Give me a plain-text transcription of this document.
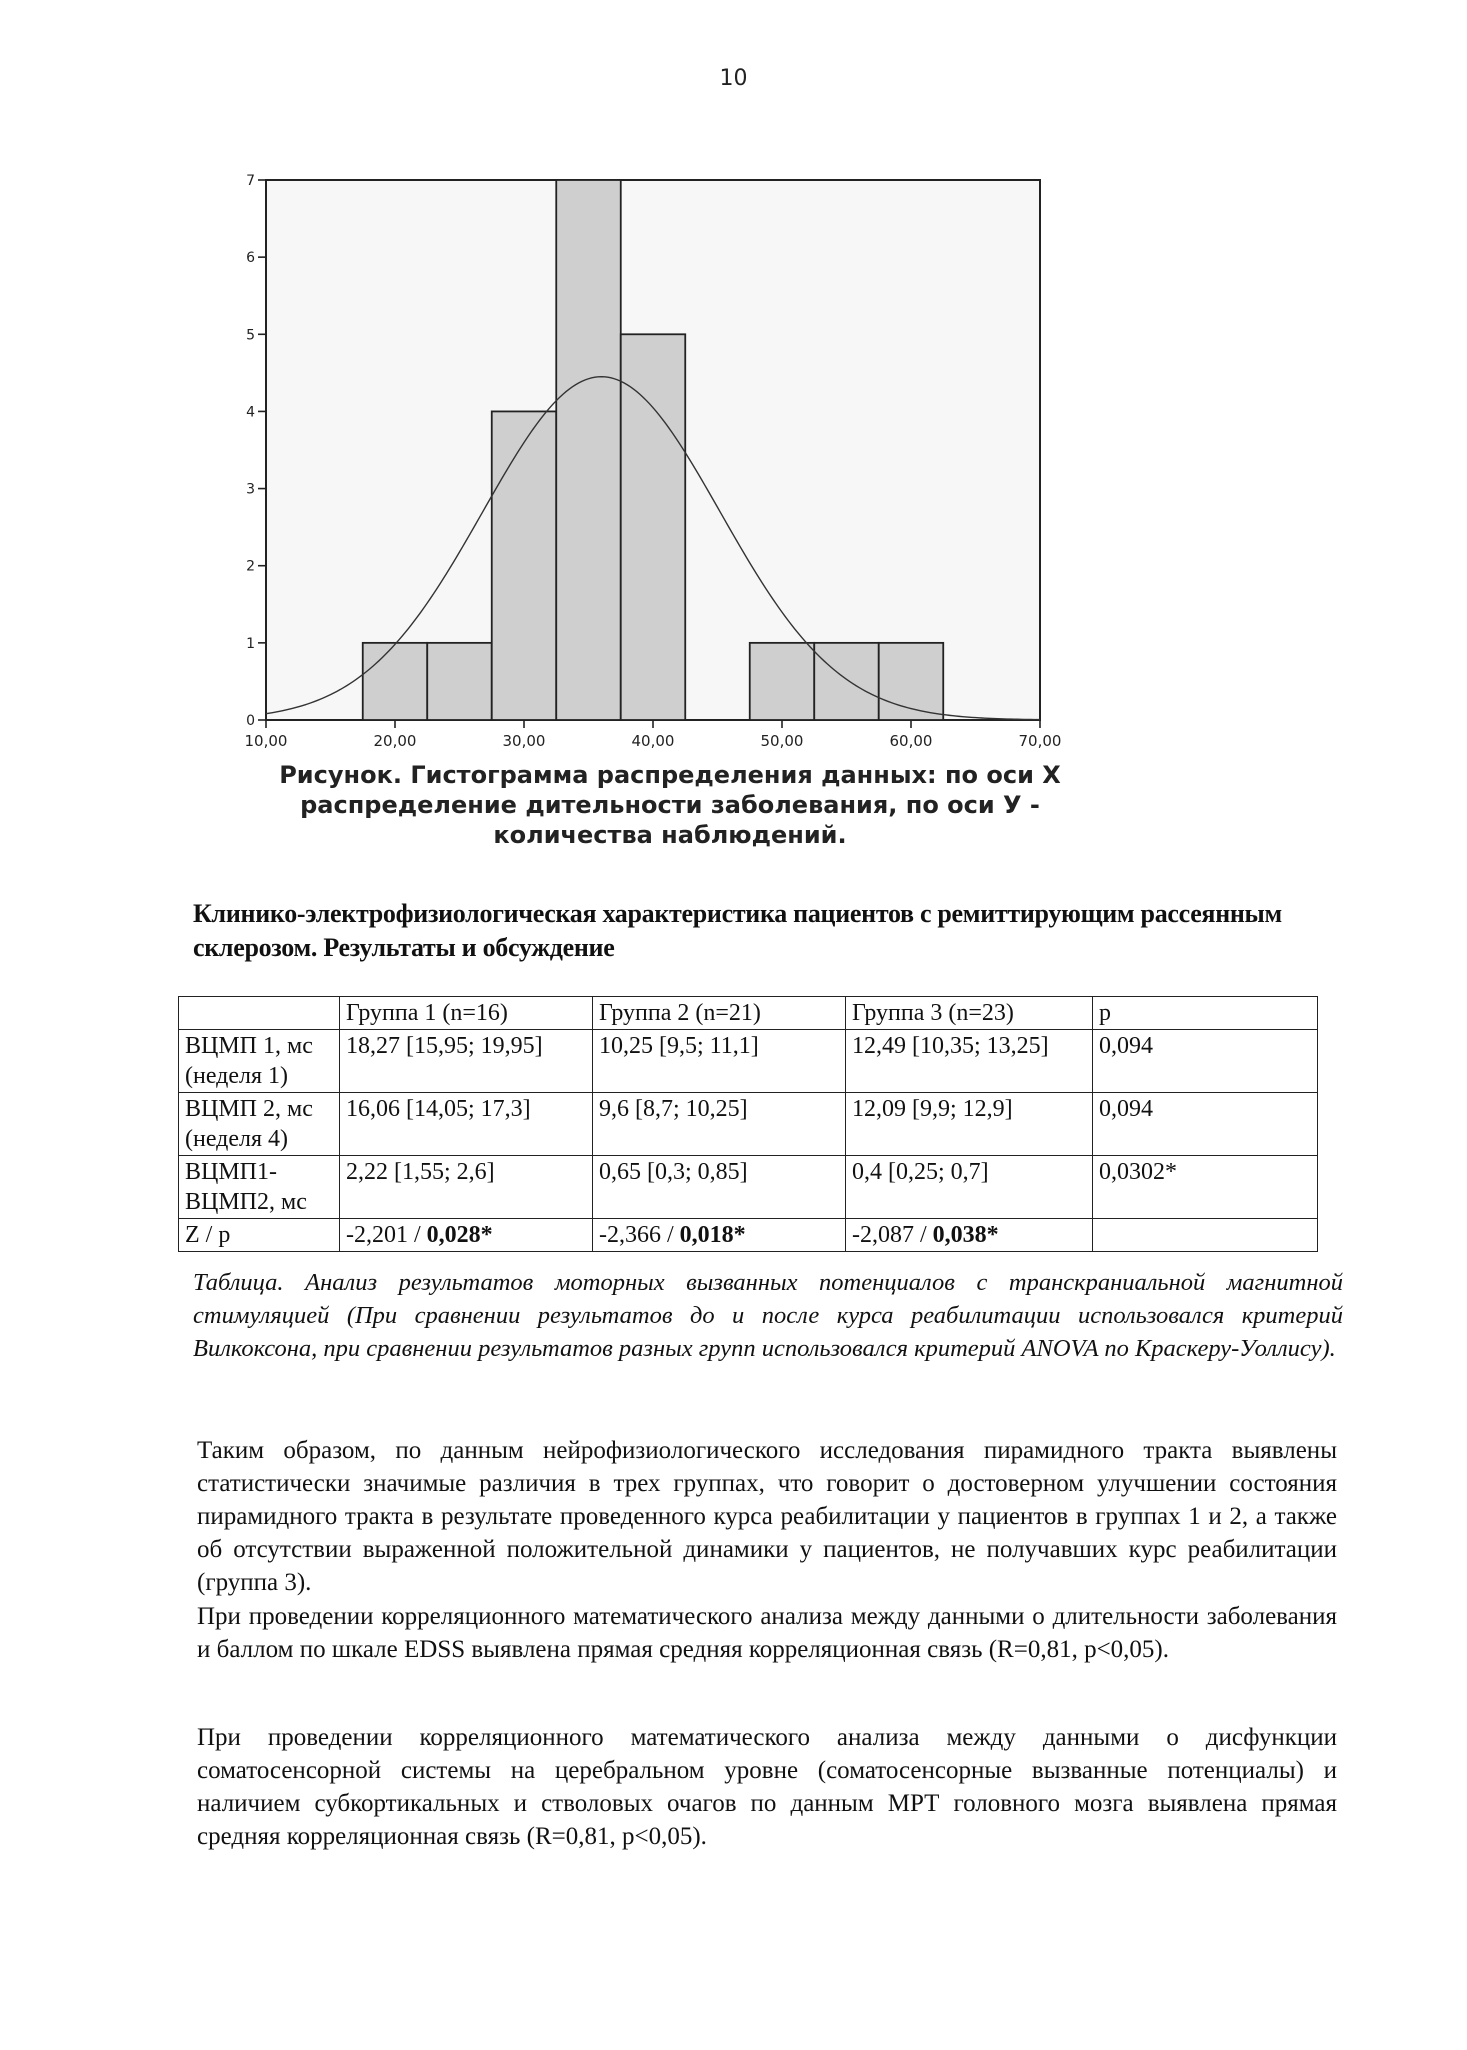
10
0
1
2
3
4
5
6
7
10,00	20,00	30,00	40,00	50,00	60,00	70,00
Рисунок. Гистограмма распределения данных: по оси X распределение дительности заболевания, по оси У - количества наблюдений.
Клинико-электрофизиологическая характеристика пациентов с ремиттирующим рассеянным склерозом. Результаты и обсуждение
	Группа 1 (n=16)	Группа 2 (n=21)	Группа 3 (n=23)	p
ВЦМП 1, мс (неделя 1)	18,27 [15,95; 19,95]	10,25 [9,5; 11,1]	12,49 [10,35; 13,25]	0,094
ВЦМП 2, мс (неделя 4)	16,06 [14,05; 17,3]	9,6 [8,7; 10,25]	12,09 [9,9; 12,9]	0,094
ВЦМП1-ВЦМП2, мс	2,22 [1,55; 2,6]	0,65 [0,3; 0,85]	0,4 [0,25; 0,7]	0,0302*
Z / p	-2,201 / 0,028*	-2,366 / 0,018*	-2,087 / 0,038*	
Таблица. Анализ результатов моторных вызванных потенциалов с транскраниальной магнитной стимуляцией (При сравнении результатов до и после курса реабилитации использовался критерий Вилкоксона, при сравнении результатов разных групп использовался критерий ANOVA по Краскеру-Уоллису).

Таким образом, по данным нейрофизиологического исследования пирамидного тракта выявлены статистически значимые различия в трех группах, что говорит о достоверном улучшении состояния пирамидного тракта в результате проведенного курса реабилитации у пациентов в группах 1 и 2, а также об отсутствии выраженной положительной динамики у пациентов, не получавших курс реабилитации (группа 3).

При проведении корреляционного математического анализа между данными о длительности заболевания и баллом по шкале EDSS выявлена прямая средняя корреляционная связь (R=0,81, p<0,05).

При проведении корреляционного математического анализа между данными о дисфункции соматосенсорной системы на церебральном уровне (соматосенсорные вызванные потенциалы) и наличием субкортикальных и стволовых очагов по данным МРТ головного мозга выявлена прямая средняя корреляционная связь (R=0,81, p<0,05).
